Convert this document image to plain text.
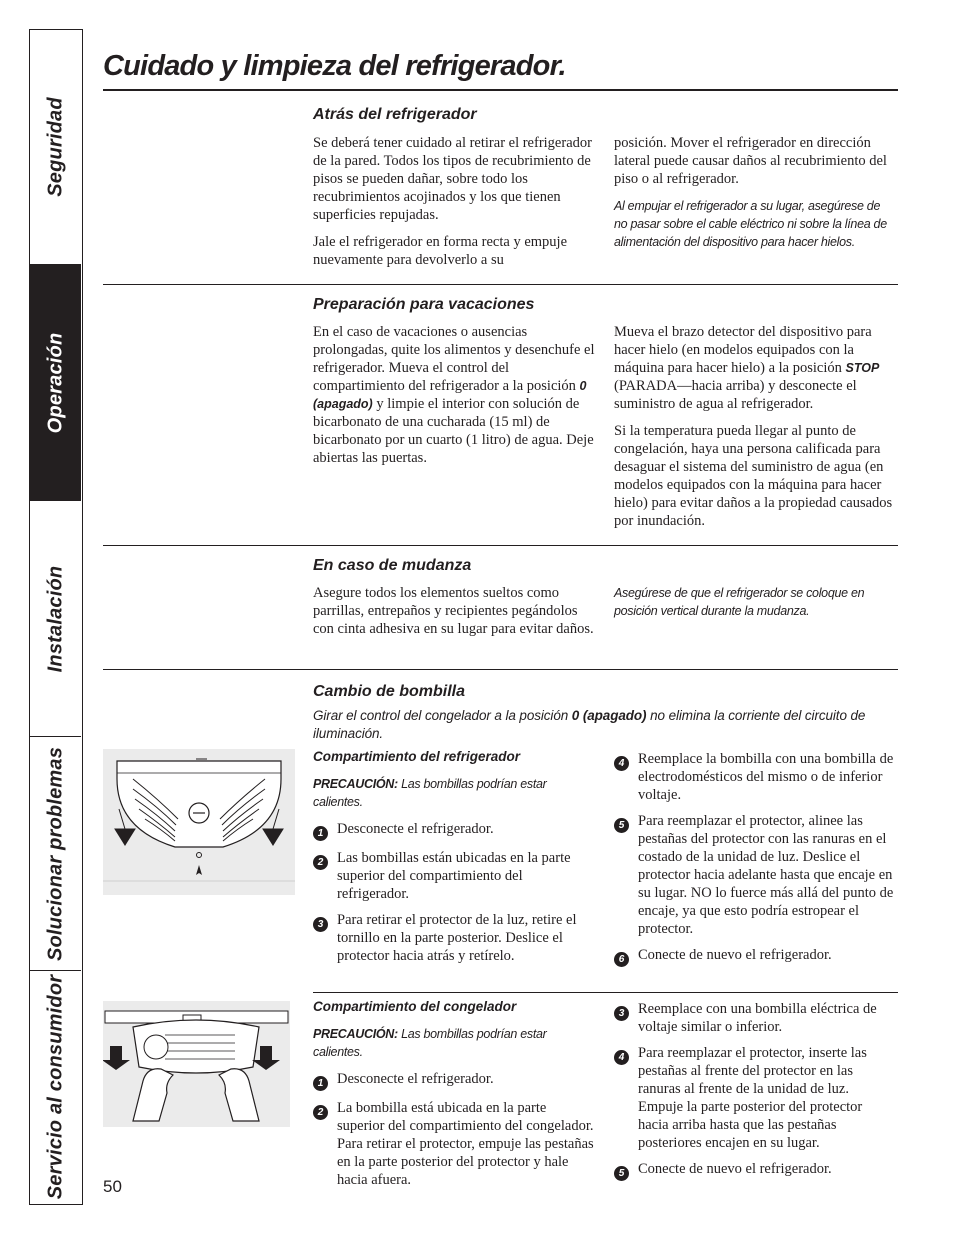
Seguridad
Operación
Instalación
Solucionar problemas
Servicio al consumidor
Cuidado y limpieza del refrigerador.
Atrás del refrigerador

Se deberá tener cuidado al retirar el refrigerador de la pared. Todos los tipos de recubrimiento de pisos se pueden dañar, sobre todo los recubrimientos acojinados y los que tienen superficies repujadas.

Jale el refrigerador en forma recta y empuje nuevamente para devolverlo a su

posición. Mover el refrigerador en dirección lateral puede causar daños al recubrimiento del piso o al refrigerador.

Al empujar el refrigerador a su lugar, asegúrese de no pasar sobre el cable eléctrico ni sobre la línea de alimentación del dispositivo para hacer hielos.

Preparación para vacaciones

En el caso de vacaciones o ausencias prolongadas, quite los alimentos y desenchufe el refrigerador. Mueva el control del compartimiento del refrigerador a la posición 0 (apagado) y limpie el interior con solución de bicarbonato de una cucharada (15 ml) de bicarbonato por un cuarto (1 litro) de agua. Deje abiertas las puertas.

Mueva el brazo detector del dispositivo para hacer hielo (en modelos equipados con la máquina para hacer hielo) a la posición STOP (PARADA—hacia arriba) y desconecte el suministro de agua al refrigerador.

Si la temperatura pueda llegar al punto de congelación, haya una persona calificada para desaguar el sistema del suministro de agua (en modelos equipados con la máquina para hacer hielo) para evitar daños a la propiedad causados por inundación.

En caso de mudanza

Asegure todos los elementos sueltos como parrillas, entrepaños y recipientes pegándolos con cinta adhesiva en su lugar para evitar daños.

Asegúrese de que el refrigerador se coloque en posición vertical durante la mudanza.

Cambio de bombilla
Girar el control del congelador a la posición 0 (apagado) no elimina la corriente del circuito de iluminación.
Compartimiento del refrigerador

PRECAUCIÓN: Las bombillas podrían estar calientes.

1 Desconecte el refrigerador.
2 Las bombillas están ubicadas en la parte superior del compartimiento del refrigerador.
3 Para retirar el protector de la luz, retire el tornillo en la parte posterior. Deslice el protector hacia atrás y retírelo.
4 Reemplace la bombilla con una bombilla de electrodomésticos del mismo o de inferior voltaje.
5 Para reemplazar el protector, alinee las pestañas del protector con las ranuras en el costado de la unidad de luz. Deslice el protector hacia adelante hasta que encaje en su lugar. NO lo fuerce más allá del punto de encaje, ya que esto podría estropear el protector.
6 Conecte de nuevo el refrigerador.
Compartimiento del congelador

PRECAUCIÓN: Las bombillas podrían estar calientes.

1 Desconecte el refrigerador.
2 La bombilla está ubicada en la parte superior del compartimiento del congelador. Para retirar el protector, empuje las pestañas en la parte posterior del protector y hale hacia afuera.
3 Reemplace con una bombilla eléctrica de voltaje similar o inferior.
4 Para reemplazar el protector, inserte las pestañas al frente del protector en las ranuras al frente de la unidad de luz. Empuje la parte posterior del protector hacia arriba hasta que las pestañas posteriores encajen en su lugar.
5 Conecte de nuevo el refrigerador.
50
